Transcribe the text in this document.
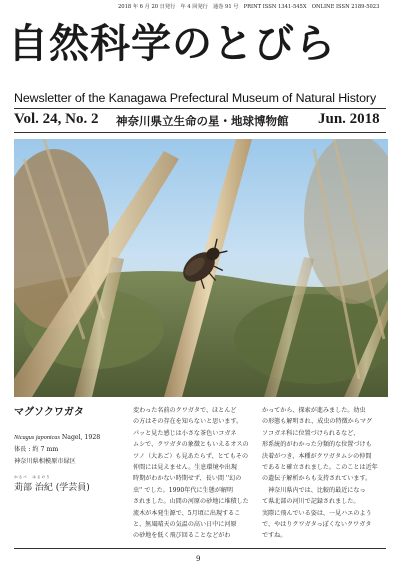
2018 年 6 月 20 日発行　年 4 回発行　通巻 91 号　PRINT ISSN 1341-545X　ONLINE ISSN 2189-5023
自然科学のとびら
Newsletter of the Kanagawa Prefectural Museum of Natural History
Vol. 24, No. 2 神奈川県立生命の星・地球博物館 Jun. 2018
マグソクワガタ
Nicagus japonicas Nagel, 1928
体長 : 約 7 mm
神奈川県相模原市緑区
かるべ　はるのり
苅部 治紀 (学芸員)
変わった名前のクワガタで、ほとんど
の方はその存在を知らないと思います。
パッと見た感じは小さな茶色いコガネ
ムシで、クワガタの象徴ともいえるオスの
ツノ（大あご）も見あたらず、とてもその
仲間には見えません。生息環境や出現
時期がわかない時期せず、長い間 ''幻の
虫'' でした。1990年代に生態が解明
されました。山間の河原の砂地に堆積した
流木が本発生源で、5月頃に出現するこ
と、無風晴天の気温の高い日中に河原
の砂地を低く飛び回ることなどがわ
かってから、探索が進みました。幼虫
の形態も解明され、成虫の特徴からマグ
ソコガネ科に位置づけられるなど、
形系統的がわかった分類的な位置づけも
決着がつき、本種がクワガタムシの仲間
であると確立されました。このことは近年
の遺伝子解析からも支持されています。
　神奈川県内では、比較的最近になっ
て県北部の河川で記録されました。
実際に飛んでいる姿は、一見ハエのよう
で、やはりクワガタっぽくないクワガタ
ですね。
9
